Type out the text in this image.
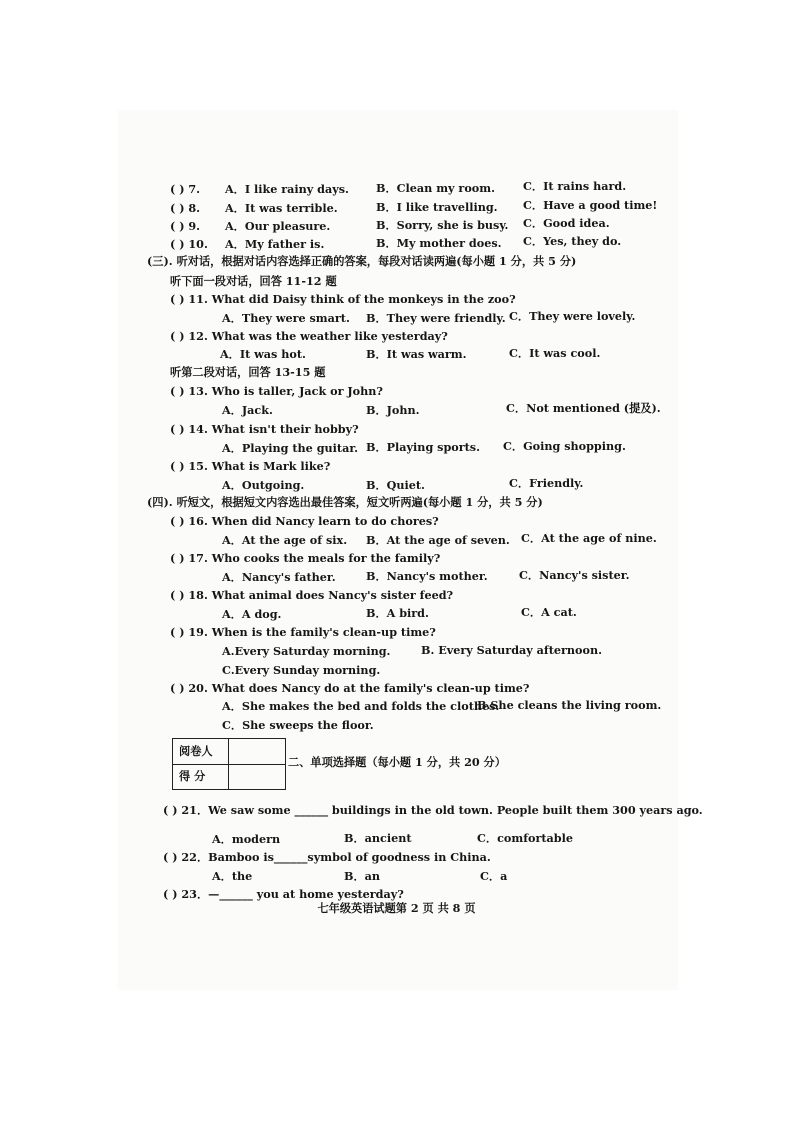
( ) 7. A．I like rainy days. B．Clean my room.	C．It rains hard.
( ) 8. A．It was terrible.	B．I like travelling. C．Have a good time!
( ) 9. A．Our pleasure.	B．Sorry, she is busy. C．Good idea.
( ) 10. A．My father is.	B．My mother does. C．Yes, they do.
(三). 听对话，根据对话内容选择正确的答案，每段对话读两遍(每小题 1 分，共 5 分)
听下面一段对话，回答 11-12 题
( ) 11. What did Daisy think of the monkeys in the zoo?
A．They were smart. B．They were friendly. C．They were lovely.
( ) 12. What was the weather like yesterday?
A．It was hot.	B．It was warm.	C．It was cool.
听第二段对话，回答 13-15 题
( ) 13. Who is taller, Jack or John?
A．Jack.	B．John.	C．Not mentioned (提及).
( ) 14. What isn't their hobby?
A．Playing the guitar. B．Playing sports. C．Going shopping.
( ) 15. What is Mark like?
A．Outgoing.	B．Quiet.	C．Friendly.
(四). 听短文，根据短文内容选出最佳答案，短文听两遍(每小题 1 分，共 5 分)
( ) 16. When did Nancy learn to do chores?
A．At the age of six. B．At the age of seven. C．At the age of nine.
( ) 17. Who cooks the meals for the family?
A．Nancy's father.	B．Nancy's mother.	C．Nancy's sister.
( ) 18. What animal does Nancy's sister feed?
A．A dog.	B．A bird.	C．A cat.
( ) 19. When is the family's clean-up time?
A.Every Saturday morning.	B. Every Saturday afternoon.
C.Every Sunday morning.
( ) 20. What does Nancy do at the family's clean-up time?
A．She makes the bed and folds the clothes.
B.She cleans the living room.
C．She sweeps the floor.
阅卷人	
得 分	
二、单项选择题（每小题 1 分，共 20 分）
( ) 21．We saw some ______ buildings in the old town. People built them 300 years ago.
A．modern	B．ancient	C．comfortable
( ) 22．Bamboo is______symbol of goodness in China.
A．the	B．an	C．a
( ) 23．—______ you at home yesterday?
七年级英语试题第 2 页 共 8 页
